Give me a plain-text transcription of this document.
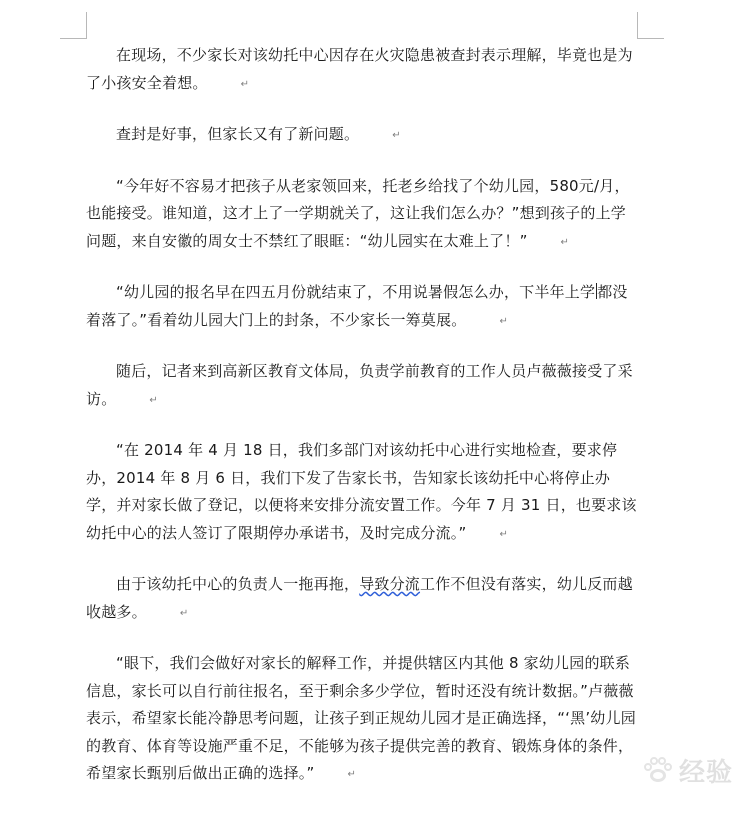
在现场，不少家长对该幼托中心因存在火灾隐患被查封表示理解，毕竟也是为了小孩安全着想。	↵

查封是好事，但家长又有了新问题。	↵

“今年好不容易才把孩子从老家领回来，托老乡给找了个幼儿园，580元/月，也能接受。谁知道，这才上了一学期就关了，这让我们怎么办？”想到孩子的上学问题，来自安徽的周女士不禁红了眼眶：“幼儿园实在太难上了！”	↵

“幼儿园的报名早在四五月份就结束了，不用说暑假怎么办，下半年上学 都没着落了。”看着幼儿园大门上的封条，不少家长一筹莫展。	↵

随后，记者来到高新区教育文体局，负责学前教育的工作人员卢薇薇接受了采访。	↵

“在 2014 年 4 月 18 日，我们多部门对该幼托中心进行实地检查，要求停办，2014 年 8 月 6 日，我们下发了告家长书，告知家长该幼托中心将停止办学，并对家长做了登记，以便将来安排分流安置工作。今年 7 月 31 日，也要求该幼托中心的法人签订了限期停办承诺书，及时完成分流。”	↵

由于该幼托中心的负责人一拖再拖，导致分流工作不但没有落实，幼儿反而越收越多。	↵

“眼下，我们会做好对家长的解释工作，并提供辖区内其他 8 家幼儿园的联系信息，家长可以自行前往报名，至于剩余多少学位，暂时还没有统计数据。”卢薇薇表示，希望家长能冷静思考问题，让孩子到正规幼儿园才是正确选择，“‘黑’幼儿园的教育、体育等设施严重不足，不能够为孩子提供完善的教育、锻炼身体的条件，希望家长甄别后做出正确的选择。”	↵	经验
